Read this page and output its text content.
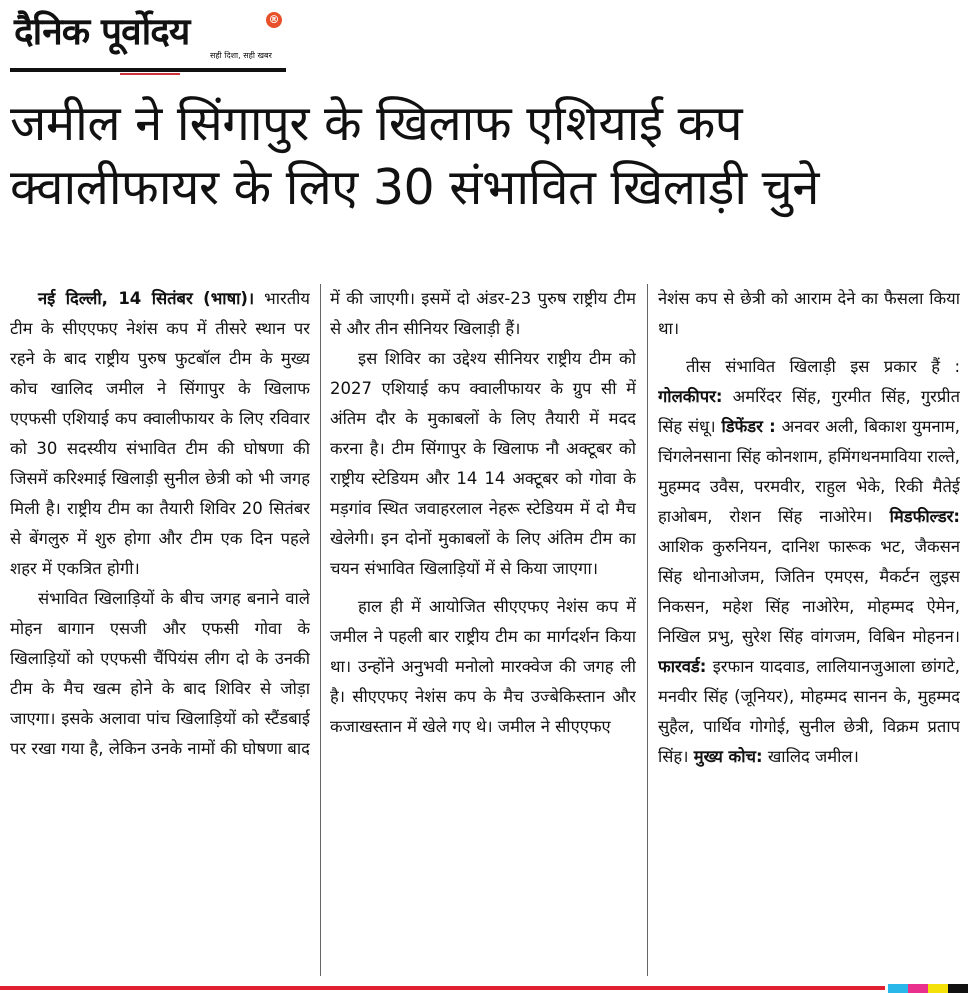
दैनिक पूर्वोदय	®
सही दिशा, सही खबर

जमील ने सिंगापुर के खिलाफ एशियाई कप

क्वालीफायर के लिए 30 संभावित खिलाड़ी चुने

नई दिल्ली, 14 सितंबर (भाषा)। भारतीय टीम के सीएएफए नेशंस कप में तीसरे स्थान पर रहने के बाद राष्ट्रीय पुरुष फुटबॉल टीम के मुख्य कोच खालिद जमील ने सिंगापुर के खिलाफ एएफसी एशियाई कप क्वालीफायर के लिए रविवार को 30 सदस्यीय संभावित टीम की घोषणा की जिसमें करिश्माई खिलाड़ी सुनील छेत्री को भी जगह मिली है। राष्ट्रीय टीम का तैयारी शिविर 20 सितंबर से बेंगलुरु में शुरु होगा और टीम एक दिन पहले शहर में एकत्रित होगी।

संभावित खिलाड़ियों के बीच जगह बनाने वाले मोहन बागान एसजी और एफसी गोवा के खिलाड़ियों को एएफसी चैंपियंस लीग दो के उनकी टीम के मैच खत्म होने के बाद शिविर से जोड़ा जाएगा। इसके अलावा पांच खिलाड़ियों को स्टैंडबाई पर रखा गया है, लेकिन उनके नामों की घोषणा बाद

में की जाएगी। इसमें दो अंडर-23 पुरुष राष्ट्रीय टीम से और तीन सीनियर खिलाड़ी हैं।

इस शिविर का उद्देश्य सीनियर राष्ट्रीय टीम को 2027 एशियाई कप क्वालीफायर के ग्रुप सी में अंतिम दौर के मुकाबलों के लिए तैयारी में मदद करना है। टीम सिंगापुर के खिलाफ नौ अक्टूबर को राष्ट्रीय स्टेडियम और 14 14 अक्टूबर को गोवा के मड़गांव स्थित जवाहरलाल नेहरू स्टेडियम में दो मैच खेलेगी। इन दोनों मुकाबलों के लिए अंतिम टीम का चयन संभावित खिलाड़ियों में से किया जाएगा।

हाल ही में आयोजित सीएएफए नेशंस कप में जमील ने पहली बार राष्ट्रीय टीम का मार्गदर्शन किया था। उन्होंने अनुभवी मनोलो मारक्वेज की जगह ली है। सीएएफए नेशंस कप के मैच उज्बेकिस्तान और कजाखस्तान में खेले गए थे। जमील ने सीएएफए

नेशंस कप से छेत्री को आराम देने का फैसला किया था।

तीस संभावित खिलाड़ी इस प्रकार हैं : गोलकीपर: अमरिंदर सिंह, गुरमीत सिंह, गुरप्रीत सिंह संधू। डिफेंडर : अनवर अली, बिकाश युमनाम, चिंगलेनसाना सिंह कोनशाम, हमिंगथनमाविया राल्ते, मुहम्मद उवैस, परमवीर, राहुल भेके, रिकी मैतेई हाओबम, रोशन सिंह नाओरेम। मिडफील्डर: आशिक कुरुनियन, दानिश फारूक भट, जैकसन सिंह थोनाओजम, जितिन एमएस, मैकर्टन लुइस निकसन, महेश सिंह नाओरेम, मोहम्मद ऐमेन, निखिल प्रभु, सुरेश सिंह वांगजम, विबिन मोहनन। फारवर्ड: इरफान यादवाड, लालियानजुआला छांगटे, मनवीर सिंह (जूनियर), मोहम्मद सानन के, मुहम्मद सुहैल, पार्थिव गोगोई, सुनील छेत्री, विक्रम प्रताप सिंह। मुख्य कोच: खालिद जमील।
